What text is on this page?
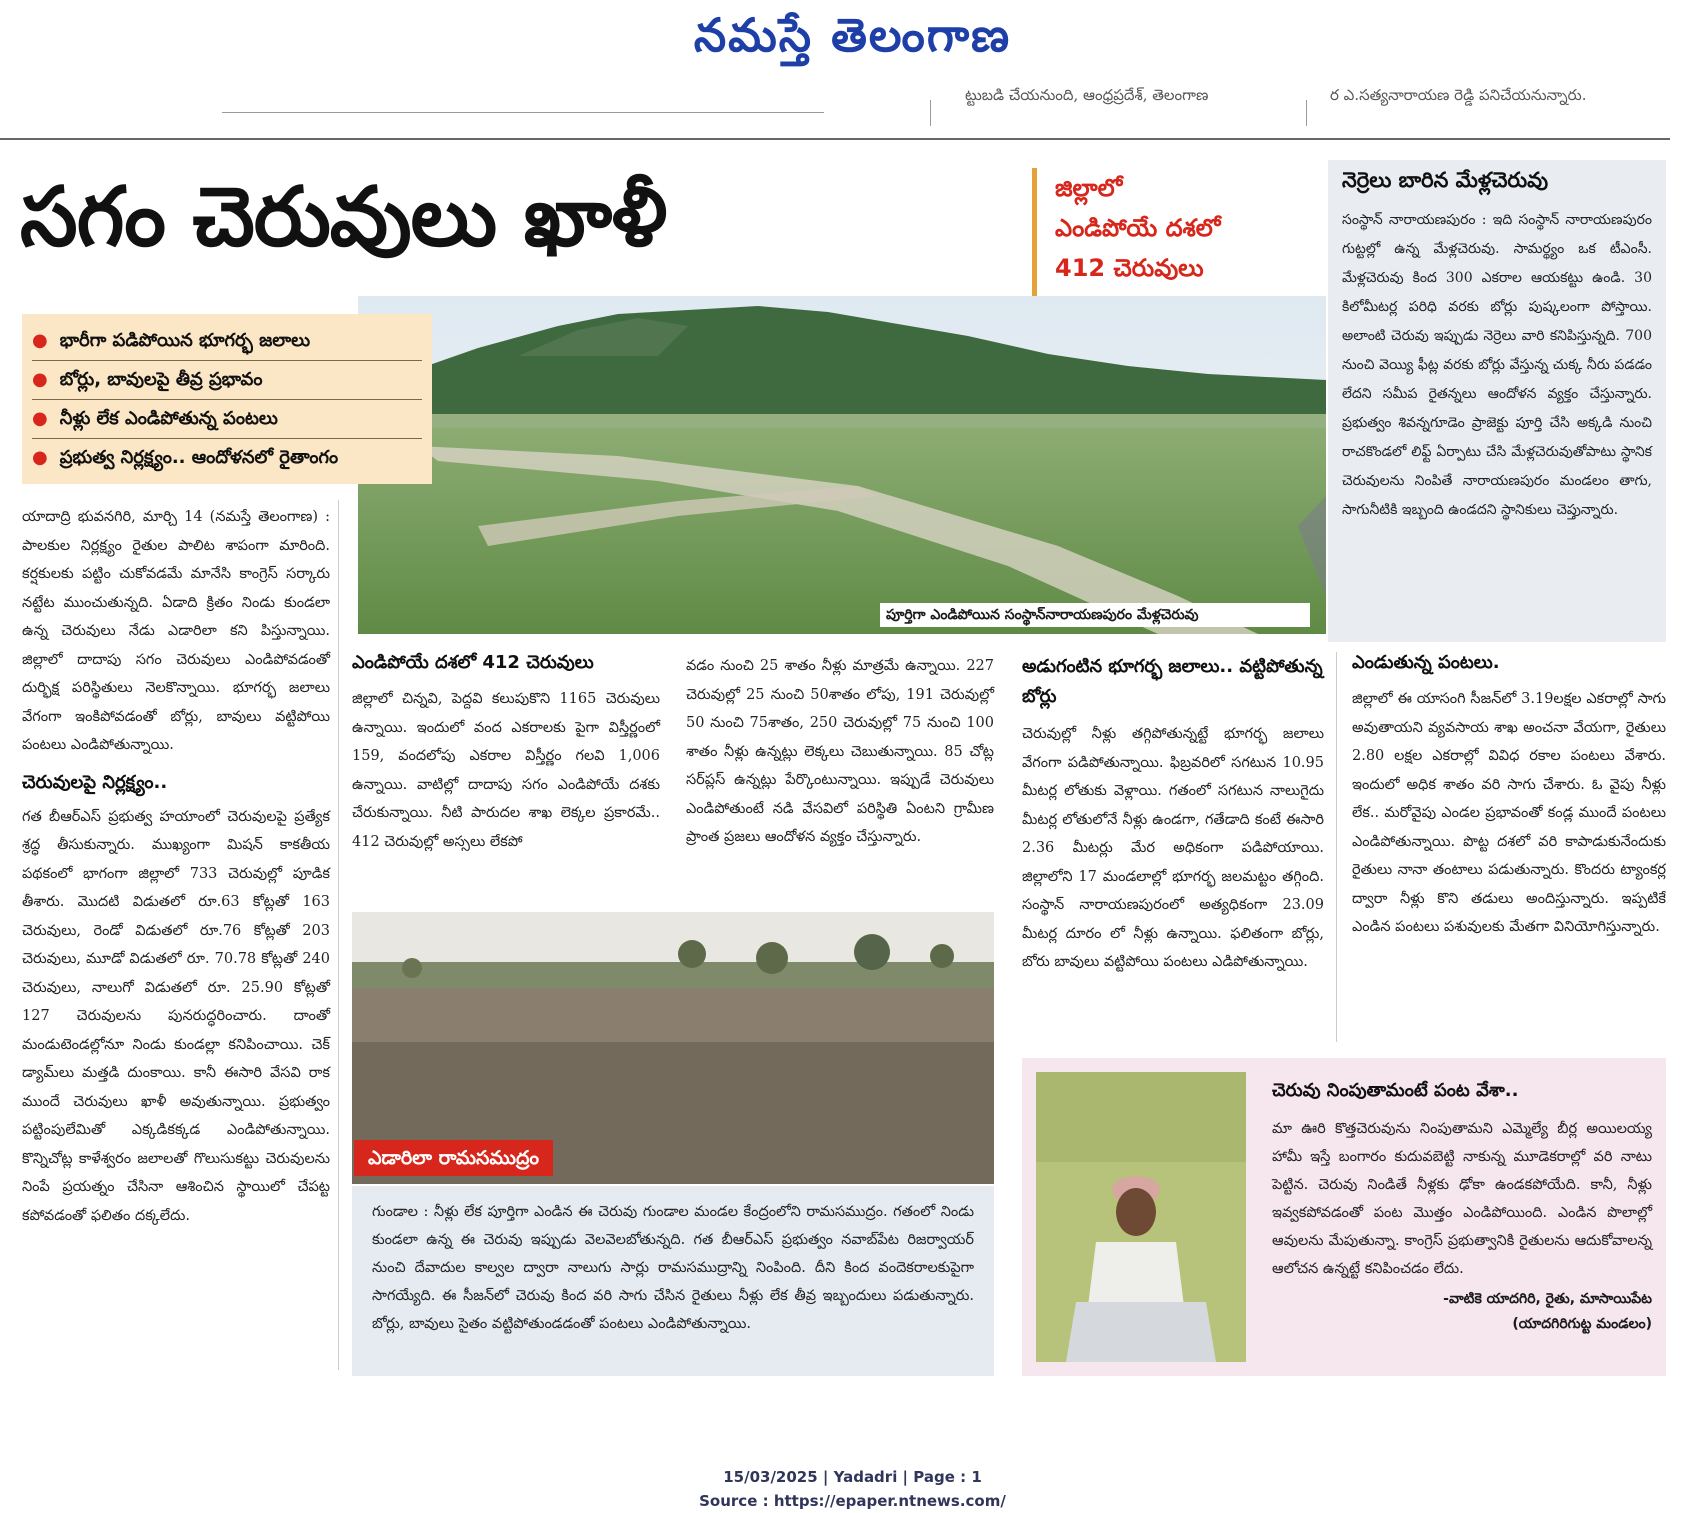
నమస్తే తెలంగాణ
ట్టుబడి చేయనుంది, ఆంధ్రప్రదేశ్, తెలంగాణ	ర ఎ.సత్యనారాయణ రెడ్డి పనిచేయనున్నారు.
సగం చెరువులు ఖాళీ	జిల్లాలో
ఎండిపోయే దశలో
412 చెరువులు
● భారీగా పడిపోయిన భూగర్భ జలాలు
● బోర్లు, బావులపై తీవ్ర ప్రభావం
● నీళ్లు లేక ఎండిపోతున్న పంటలు
● ప్రభుత్వ నిర్లక్ష్యం.. ఆందోళనలో రైతాంగం
పూర్తిగా ఎండిపోయిన సంస్థాన్‌నారాయణపురం మేళ్లచెరువు
నెర్రెలు బారిన మేళ్లచెరువు
సంస్థాన్ నారాయణపురం : ఇది సంస్థాన్ నారాయణపురం గుట్టల్లో ఉన్న మేళ్లచెరువు. సామర్థ్యం ఒక టీఎంసీ. మేళ్లచెరువు కింద 300 ఎకరాల ఆయకట్టు ఉండి. 30 కిలోమీటర్ల పరిధి వరకు బోర్లు పుష్కలంగా పోస్తాయి. అలాంటి చెరువు ఇప్పుడు నెర్రెలు వారి కనిపిస్తున్నది. 700 నుంచి వెయ్యి ఫీట్ల వరకు బోర్లు వేస్తున్న చుక్క నీరు పడడం లేదని సమీప రైతన్నలు ఆందోళన వ్యక్తం చేస్తున్నారు. ప్రభుత్వం శివన్నగూడెం ప్రాజెక్టు పూర్తి చేసి అక్కడి నుంచి రాచకొండలో లిఫ్ట్ ఏర్పాటు చేసి మేళ్లచెరువుతోపాటు స్థానిక చెరువులను నింపితే నారాయణపురం మండలం తాగు, సాగునీటికి ఇబ్బంది ఉండదని స్థానికులు చెప్తున్నారు.
యాదాద్రి భువనగిరి, మార్చి 14 (నమస్తే తెలంగాణ) : పాలకుల నిర్లక్ష్యం రైతుల పాలిట శాపంగా మారింది. కర్షకులకు పట్టిం చుకోవడమే మానేసి కాంగ్రెస్ సర్కారు నట్టేట ముంచుతున్నది. ఏడాది క్రితం నిండు కుండలా ఉన్న చెరువులు నేడు ఎడారిలా కని పిస్తున్నాయి. జిల్లాలో దాదాపు సగం చెరువులు ఎండిపోవడంతో దుర్భిక్ష పరిస్థితులు నెలకొన్నాయి. భూగర్భ జలాలు వేగంగా ఇంకిపోవడంతో బోర్లు, బావులు వట్టిపోయి పంటలు ఎండిపోతున్నాయి.
చెరువులపై నిర్లక్ష్యం..
గత బీఆర్ఎస్ ప్రభుత్వ హయాంలో చెరువులపై ప్రత్యేక శ్రద్ధ తీసుకున్నారు. ముఖ్యంగా మిషన్ కాకతీయ పథకంలో భాగంగా జిల్లాలో 733 చెరువుల్లో పూడిక తీశారు. మొదటి విడుతలో రూ.63 కోట్లతో 163 చెరువులు, రెండో విడుతలో రూ.76 కోట్లతో 203 చెరువులు, మూడో విడుతలో రూ. 70.78 కోట్లతో 240 చెరువులు, నాలుగో విడుతలో రూ. 25.90 కోట్లతో 127 చెరువులను పునరుద్ధరించారు. దాంతో మండుటెండల్లోనూ నిండు కుండల్లా కనిపించాయి. చెక్ డ్యామ్‌లు మత్తడి దుంకాయి. కానీ ఈసారి వేసవి రాక ముందే చెరువులు ఖాళీ అవుతున్నాయి. ప్రభుత్వం పట్టింపులేమితో ఎక్కడికక్కడ ఎండిపోతున్నాయి. కొన్నిచోట్ల కాళేశ్వరం జలాలతో గొలుసుకట్టు చెరువులను నింపే ప్రయత్నం చేసినా ఆశించిన స్థాయిలో చేపట్ట కపోవడంతో ఫలితం దక్కలేదు.
ఎండిపోయే దశలో 412 చెరువులు
జిల్లాలో చిన్నవి, పెద్దవి కలుపుకొని 1165 చెరువులు ఉన్నాయి. ఇందులో వంద ఎకరాలకు పైగా విస్తీర్ణంలో 159, వందలోపు ఎకరాల విస్తీర్ణం గలవి 1,006 ఉన్నాయి. వాటిల్లో దాదాపు సగం ఎండిపోయే దశకు చేరుకున్నాయి. నీటి పారుదల శాఖ లెక్కల ప్రకారమే.. 412 చెరువుల్లో అస్సలు లేకపో
వడం నుంచి 25 శాతం నీళ్లు మాత్రమే ఉన్నాయి. 227 చెరువుల్లో 25 నుంచి 50శాతం లోపు, 191 చెరువుల్లో 50 నుంచి 75శాతం, 250 చెరువుల్లో 75 నుంచి 100 శాతం నీళ్లు ఉన్నట్లు లెక్కలు చెబుతున్నాయి. 85 చోట్ల సర్‌ప్లస్ ఉన్నట్లు పేర్కొంటున్నాయి. ఇప్పుడే చెరువులు ఎండిపోతుంటే నడి వేసవిలో పరిస్థితి ఏంటని గ్రామీణ ప్రాంత ప్రజలు ఆందోళన వ్యక్తం చేస్తున్నారు.
అడుగంటిన భూగర్భ జలాలు.. వట్టిపోతున్న బోర్లు
చెరువుల్లో నీళ్లు తగ్గిపోతున్నట్టే భూగర్భ జలాలు వేగంగా పడిపోతున్నాయి. ఫిబ్రవరిలో సగటున 10.95 మీటర్ల లోతుకు వెళ్లాయి. గతంలో సగటున నాలుగైదు మీటర్ల లోతులోనే నీళ్లు ఉండగా, గతేడాది కంటే ఈసారి 2.36 మీటర్లు మేర అధికంగా పడిపోయాయి. జిల్లాలోని 17 మండలాల్లో భూగర్భ జలమట్టం తగ్గింది. సంస్థాన్ నారాయణపురంలో అత్యధికంగా 23.09 మీటర్ల దూరం లో నీళ్లు ఉన్నాయి. ఫలితంగా బోర్లు, బోరు బావులు వట్టిపోయి పంటలు ఎడిపోతున్నాయి.
ఎండుతున్న పంటలు.
జిల్లాలో ఈ యాసంగి సీజన్‌లో 3.19లక్షల ఎకరాల్లో సాగు అవుతాయని వ్యవసాయ శాఖ అంచనా వేయగా, రైతులు 2.80 లక్షల ఎకరాల్లో వివిధ రకాల పంటలు వేశారు. ఇందులో అధిక శాతం వరి సాగు చేశారు. ఓ వైపు నీళ్లు లేక.. మరోవైపు ఎండల ప్రభావంతో కండ్ల ముందే పంటలు ఎండిపోతున్నాయి. పొట్ట దశలో వరి కాపాడుకునేందుకు రైతులు నానా తంటాలు పడుతున్నారు. కొందరు ట్యాంకర్ల ద్వారా నీళ్లు కొని తడులు అందిస్తున్నారు. ఇప్పటికే ఎండిన పంటలు పశువులకు మేతగా వినియోగిస్తున్నారు.
ఎడారిలా రామసముద్రం
గుండాల : నీళ్లు లేక పూర్తిగా ఎండిన ఈ చెరువు గుండాల మండల కేంద్రంలోని రామసముద్రం. గతంలో నిండు కుండలా ఉన్న ఈ చెరువు ఇప్పుడు వెలవెలబోతున్నది. గత బీఆర్ఎస్ ప్రభుత్వం నవాబ్‌పేట రిజర్వాయర్ నుంచి దేవాదుల కాల్వల ద్వారా నాలుగు సార్లు రామసముద్రాన్ని నింపింది. దీని కింద వందెకరాలకుపైగా సాగయ్యేది. ఈ సీజన్‌లో చెరువు కింద వరి సాగు చేసిన రైతులు నీళ్లు లేక తీవ్ర ఇబ్బందులు పడుతున్నారు. బోర్లు, బావులు సైతం వట్టిపోతుండడంతో పంటలు ఎండిపోతున్నాయి.
చెరువు నింపుతామంటే పంట వేశా..
మా ఊరి కొత్తచెరువును నింపుతామని ఎమ్మెల్యే బీర్ల అయిలయ్య హామీ ఇస్తే బంగారం కుదువబెట్టి నాకున్న మూడెకరాల్లో వరి నాటు పెట్టిన. చెరువు నిండితే నీళ్లకు ఢోకా ఉండకపోయేది. కానీ, నీళ్లు ఇవ్వకపోవడంతో పంట మొత్తం ఎండిపోయింది. ఎండిన పొలాల్లో ఆవులను మేపుతున్నా. కాంగ్రెస్ ప్రభుత్వానికి రైతులను ఆదుకోవాలన్న ఆలోచన ఉన్నట్టే కనిపించడం లేదు.
-వాటికె యాదగిరి, రైతు, మాసాయిపేట
(యాదగిరిగుట్ట మండలం)
15/03/2025 | Yadadri | Page : 1
Source : https://epaper.ntnews.com/
